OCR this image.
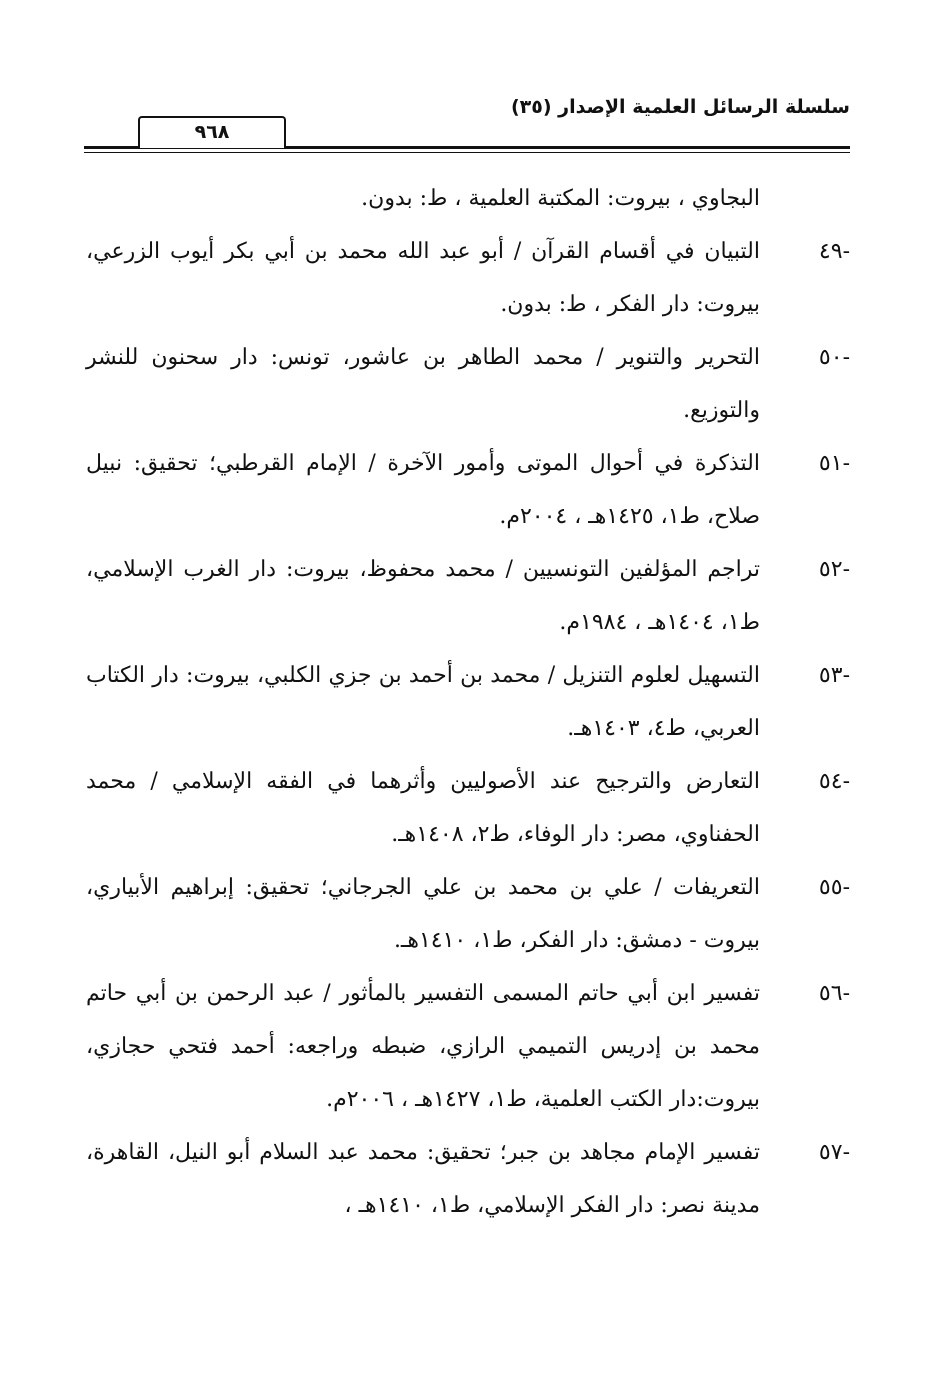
سلسلة الرسائل العلمية الإصدار (٣٥)
٩٦٨
البجاوي ، بيروت: المكتبة العلمية ، ط: بدون.
-٤٩
التبيان في أقسام القرآن / أبو عبد الله محمد بن أبي بكر أيوب الزرعي، بيروت: دار الفكر ، ط: بدون.
-٥٠
التحرير والتنوير / محمد الطاهر بن عاشور، تونس: دار سحنون للنشر والتوزيع.
-٥١
التذكرة في أحوال الموتى وأمور الآخرة / الإمام القرطبي؛ تحقيق: نبيل صلاح، ط١، ١٤٢٥هـ ، ٢٠٠٤م.
-٥٢
تراجم المؤلفين التونسيين / محمد محفوظ، بيروت: دار الغرب الإسلامي، ط١، ١٤٠٤هـ ، ١٩٨٤م.
-٥٣
التسهيل لعلوم التنزيل / محمد بن أحمد بن جزي الكلبي، بيروت: دار الكتاب العربي، ط٤، ١٤٠٣هـ.
-٥٤
التعارض والترجيح عند الأصوليين وأثرهما في الفقه الإسلامي / محمد الحفناوي، مصر: دار الوفاء، ط٢، ١٤٠٨هـ.
-٥٥
التعريفات / علي بن محمد بن علي الجرجاني؛ تحقيق: إبراهيم الأبياري، بيروت - دمشق: دار الفكر، ط١، ١٤١٠هـ.
-٥٦
تفسير ابن أبي حاتم المسمى التفسير بالمأثور / عبد الرحمن بن أبي حاتم محمد بن إدريس التميمي الرازي، ضبطه وراجعه: أحمد فتحي حجازي، بيروت:دار الكتب العلمية، ط١، ١٤٢٧هـ ، ٢٠٠٦م.
-٥٧
تفسير الإمام مجاهد بن جبر؛ تحقيق: محمد عبد السلام أبو النيل، القاهرة، مدينة نصر: دار الفكر الإسلامي، ط١، ١٤١٠هـ ،
